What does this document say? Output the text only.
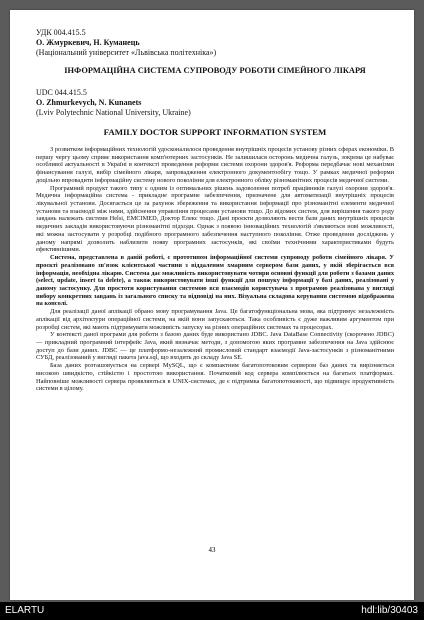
УДК 004.415.5
О. Жмуркевич, Н. Куманець
(Національний університет «Львівська політехніка»)
ІНФОРМАЦІЙНА СИСТЕМА СУПРОВОДУ РОБОТИ СІМЕЙНОГО ЛІКАРЯ
UDC 044.415.5
O. Zhmurkevych, N. Kunanets
(Lviv Polytechnic National University, Ukraine)
FAMILY DOCTOR SUPPORT INFORMATION SYSTEM

З розвитком інформаційних технологій удосконалилося проведення внутрішніх процесів установу різних сферах економіки. В першу чергу цьому сприяє використання комп'ютерних застосунків. Не залишилася осторонь медична галузь, зокрема це набуває особливої актуальності в Україні в контексті проведення реформи системи охорони здоров'я. Реформа передбачає нові механізми фінансування галузі, вибір сімейного лікаря, запровадження електронного документообігу тощо. У рамках медичної реформи доцільно впровадити інформаційну систему нового покоління для електронного обліку різноманітних процесів медичної системи.

Програмний продукт такого типу є одним із оптимальних рішень задоволення потреб працівників галузі охорони здоров'я. Медична інформаційна система - прикладне програмне забезпечення, призначене для автоматизації внутрішніх процесів лікувальної установи. Досягається це за рахунок збереження та використання інформації про різноманітні елементи медичної установи та взаємодії між ними, здійснення управління процесами установи тощо. До відомих систем, для вирішення такого роду завдань належать системи Helsi, EMCIMED, Доктор Елекс тощо. Дані проєкти дозволяють вести бази даних внутрішніх процесів медичних закладів використовуючи різноманітні підходи. Однак з появою інноваційних технологій з'являються нові можливості, які можна застосувати у розробці подібного програмного забезпечення наступного покоління. Отже проведення досліджень у даному напрямі дозволить наблизити появу програмних застосунків, які своїми технічними характеристиками будуть ефективнішими.

Система, представлена в даній роботі, є прототипом інформаційної системи супроводу роботи сімейного лікаря. У проєкті реалізовано зв'язок клієнтської частини з віддаленим хмарним сервером бази даних, у якій зберігається вся інформація, необхідна лікарю. Система дає можливість використовувати чотири основні функції для роботи з базами даних (select, update, insert ta delete), а також використовувати інші функції для пошуку інформації у базі даних, реалізовані у даному застосунку. Для простоти користування системою вся взаємодія користувача з програмою реалізована у вигляді вибору конкретних завдань із загального списку та відповіді на них. Візуальна складова керування системою відображена на консолі.

Для реалізації даної аплікації обрано мову програмування Java. Це багатофункціональна мова, яка підтримує незалежність аплікації від архітектури операційної системи, на якій вони запускаються. Така особливість є дуже важливим аргументом при розробці систем, які мають підтримувати можливість запуску на різних операційних системах та процесорах.

У контексті даної програми для роботи з базою даних буде використано JDBC. Java DataBase Connectivity (скорочено JDBC) — прикладний програмний інтерфейс Java, який визначає методи, з допомогою яких програмне забезпечення на Java здійснює доступ до бази даних. JDBC — це платформо-незалежний промисловий стандарт взаємодії Java-застосунків з різноманітними СУБД, реалізований у вигляді пакета java.sql, що входить до складу Java SE.

База даних розташовується на сервері MySQL, що є компактним багатопотоковим сервером баз даних та вирізняється високою швидкістю, стійкістю і простотою використання. Початковий код сервера компілюється на багатьох платформах. Найповніше можливості сервера проявляються в UNIX-системах, де є підтримка багатопотоковості, що підвищує продуктивність системи в цілому.

43
ELARTU	hdl:lib/30403
